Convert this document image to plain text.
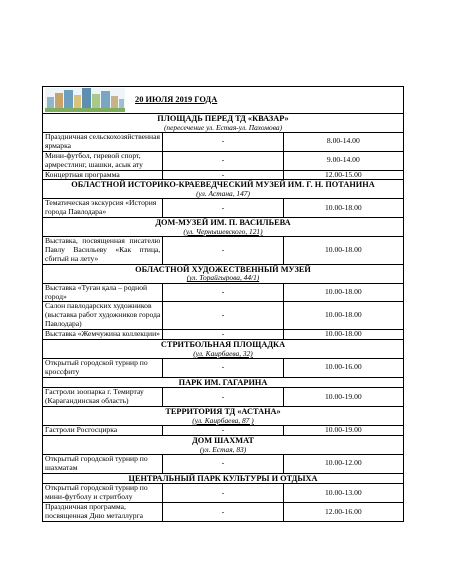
20 ИЮЛЯ 2019 ГОДА		

ПЛОЩАДЬ ПЕРЕД ТД «КВАЗАР»
(пересечение ул. Естая-ул. Пахомова)		

Праздничная сельскохозяйственная ярмарка	-	8.00-14.00
Мини-футбол, гиревой спорт, армрестлинг, шашки, асык ату	-	9.00-14.00
Концертная программа	-	12.00-15.00

ОБЛАСТНОЙ ИСТОРИКО-КРАЕВЕДЧЕСКИЙ МУЗЕЙ ИМ. Г. Н. ПОТАНИНА
(ул. Астана, 147)		

Тематическая экскурсия «История города Павлодара»	-	10.00-18.00

ДОМ-МУЗЕЙ ИМ. П. ВАСИЛЬЕВА
(ул. Чернышевского, 121)		

Выставка, посвященная писателю Павлу Васильеву «Как птица, сбитый на лету»	-	10.00-18.00

ОБЛАСТНОЙ ХУДОЖЕСТВЕННЫЙ МУЗЕЙ
(ул. Торайгырова, 44/1)		

Выставка «Туған қала – родной город»	-	10.00-18.00
Салон павлодарских художников (выставка работ художников города Павлодара)	-	10.00-18.00
Выставка «Жемчужина коллекции»	-	10.00-18.00

СТРИТБОЛЬНАЯ ПЛОЩАДКА
(ул. Каирбаева, 32)		

Открытый городской турнир по кроссфиту	-	10.00-16.00

ПАРК ИМ. ГАГАРИНА		

Гастроли зоопарка г. Темиртау (Карагандинская область)	-	10.00-19.00

ТЕРРИТОРИЯ ТД «АСТАНА»
(ул. Каирбаева, 87 )		

Гастроли Росгосцирка	-	10.00-19.00

ДОМ ШАХМАТ
(ул. Естая, 83)		

Открытый городской турнир по шахматам	-	10.00-12.00

ЦЕНТРАЛЬНЫЙ ПАРК КУЛЬТУРЫ И ОТДЫХА		

Открытый городской турнир по мини-футболу и стритболу	-	10.00-13.00
Праздничная программа, посвященная Дню металлурга	-	12.00-16.00
